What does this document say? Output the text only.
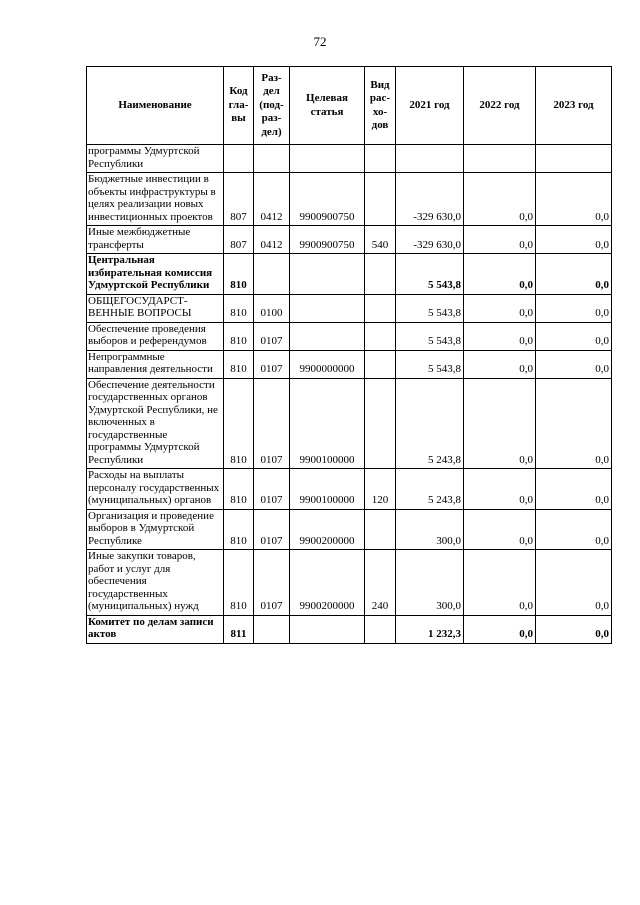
72
Наименование	Код гла-вы	Раз-дел (под-раз-дел)	Целевая статья	Вид рас-хо-дов	2021 год	2022 год	2023 год
программы Удмуртской Республики							
Бюджетные инвестиции в объекты инфраструктуры в целях реализации новых инвестиционных проектов	807	0412	9900900750		-329 630,0	0,0	0,0
Иные межбюджетные трансферты	807	0412	9900900750	540	-329 630,0	0,0	0,0
Центральная избирательная комиссия Удмуртской Республики	810				5 543,8	0,0	0,0
ОБЩЕГОСУДАРСТ-ВЕННЫЕ ВОПРОСЫ	810	0100			5 543,8	0,0	0,0
Обеспечение проведения выборов и референдумов	810	0107			5 543,8	0,0	0,0
Непрограммные направления деятельности	810	0107	9900000000		5 543,8	0,0	0,0
Обеспечение деятельности государственных органов Удмуртской Республики, не включенных в государственные программы Удмуртской Республики	810	0107	9900100000		5 243,8	0,0	0,0
Расходы на выплаты персоналу государственных (муниципальных) органов	810	0107	9900100000	120	5 243,8	0,0	0,0
Организация и проведение выборов в Удмуртской Республике	810	0107	9900200000		300,0	0,0	0,0
Иные закупки товаров, работ и услуг для обеспечения государственных (муниципальных) нужд	810	0107	9900200000	240	300,0	0,0	0,0
Комитет по делам записи актов	811				1 232,3	0,0	0,0
